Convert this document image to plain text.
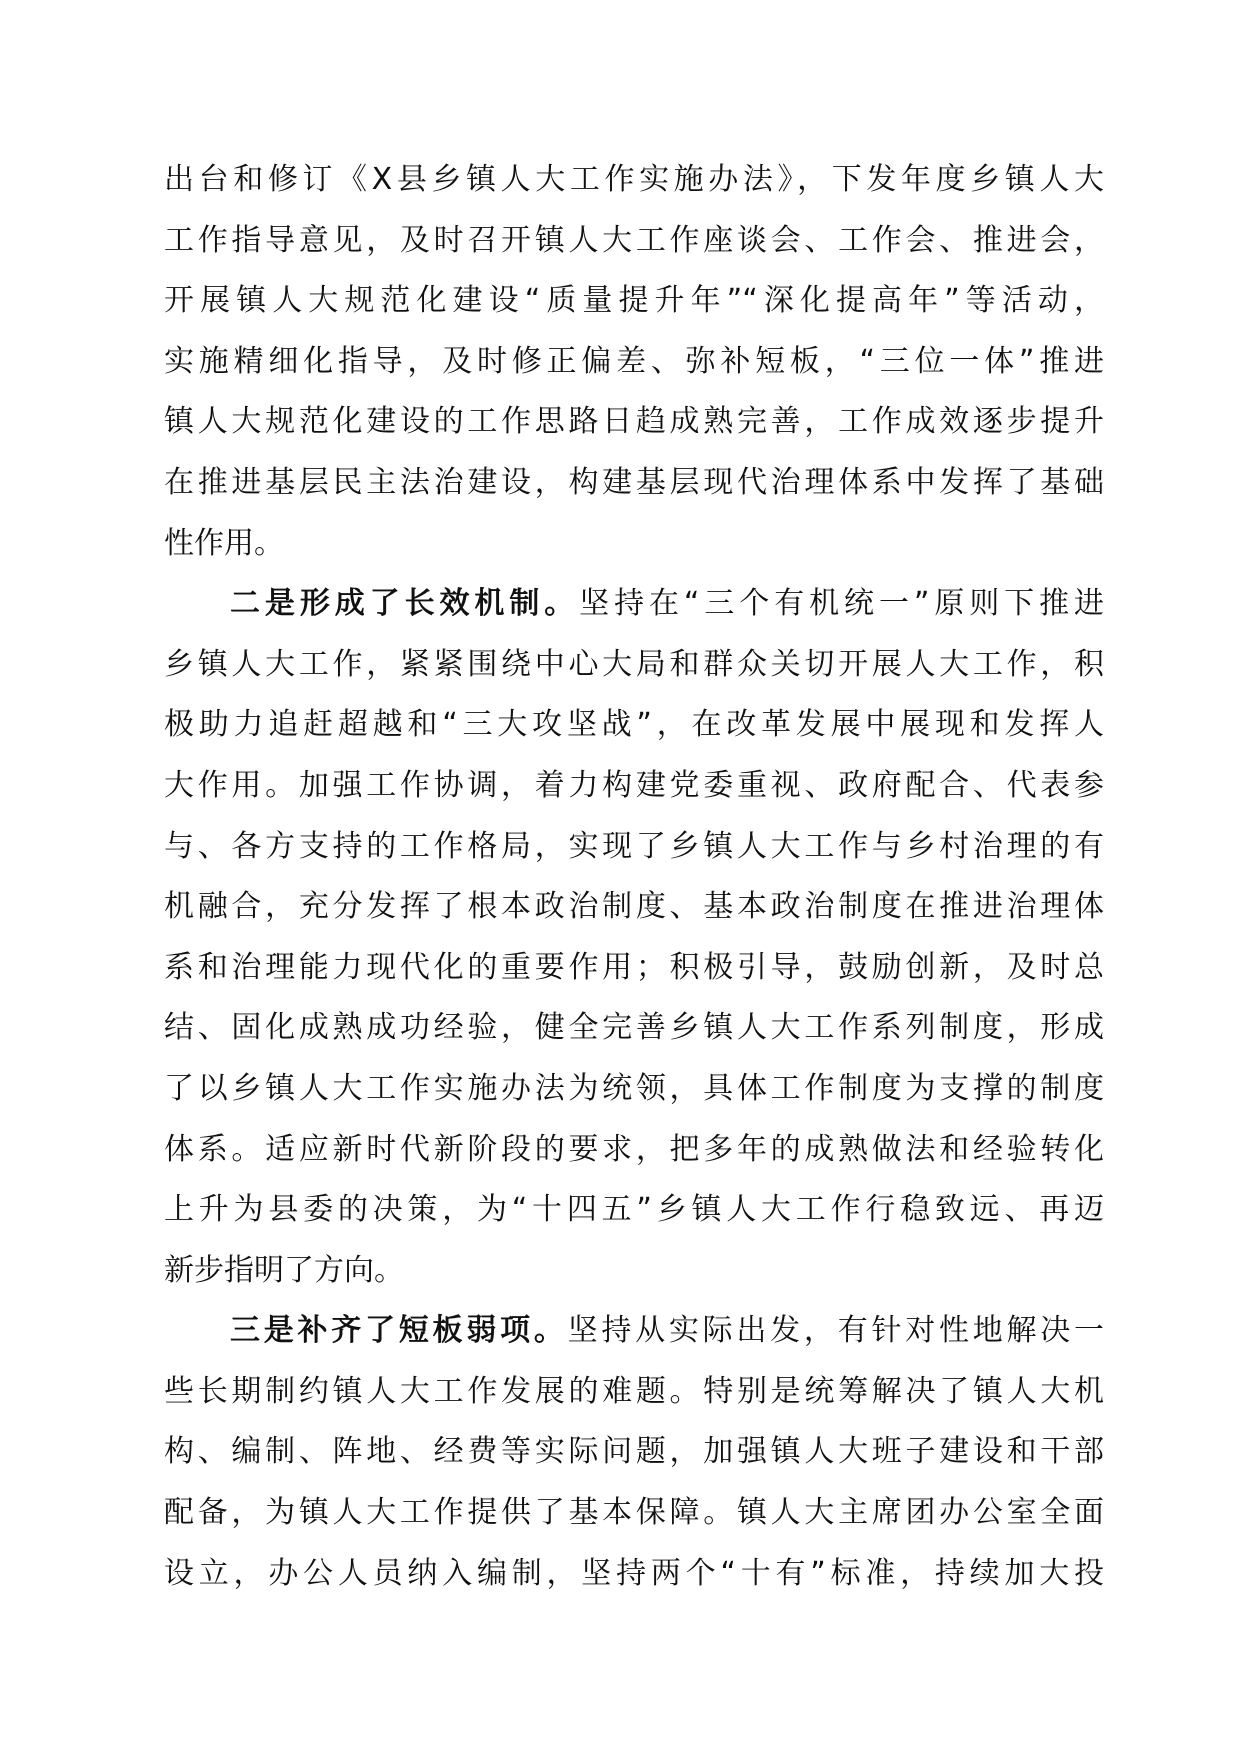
出台和修订《X县乡镇人大工作实施办法》，下发年度乡镇人大
工作指导意见，及时召开镇人大工作座谈会、工作会、推进会，
开展镇人大规范化建设“质量提升年”“深化提高年”等活动，
实施精细化指导，及时修正偏差、弥补短板，“三位一体”推进
镇人大规范化建设的工作思路日趋成熟完善，工作成效逐步提升
在推进基层民主法治建设，构建基层现代治理体系中发挥了基础
性作用。
二是形成了长效机制。坚持在“三个有机统一”原则下推进
乡镇人大工作，紧紧围绕中心大局和群众关切开展人大工作，积
极助力追赶超越和“三大攻坚战”，在改革发展中展现和发挥人
大作用。加强工作协调，着力构建党委重视、政府配合、代表参
与、各方支持的工作格局，实现了乡镇人大工作与乡村治理的有
机融合，充分发挥了根本政治制度、基本政治制度在推进治理体
系和治理能力现代化的重要作用；积极引导，鼓励创新，及时总
结、固化成熟成功经验，健全完善乡镇人大工作系列制度，形成
了以乡镇人大工作实施办法为统领，具体工作制度为支撑的制度
体系。适应新时代新阶段的要求，把多年的成熟做法和经验转化
上升为县委的决策，为“十四五”乡镇人大工作行稳致远、再迈
新步指明了方向。
三是补齐了短板弱项。坚持从实际出发，有针对性地解决一
些长期制约镇人大工作发展的难题。特别是统筹解决了镇人大机
构、编制、阵地、经费等实际问题，加强镇人大班子建设和干部
配备，为镇人大工作提供了基本保障。镇人大主席团办公室全面
设立，办公人员纳入编制，坚持两个“十有”标准，持续加大投
